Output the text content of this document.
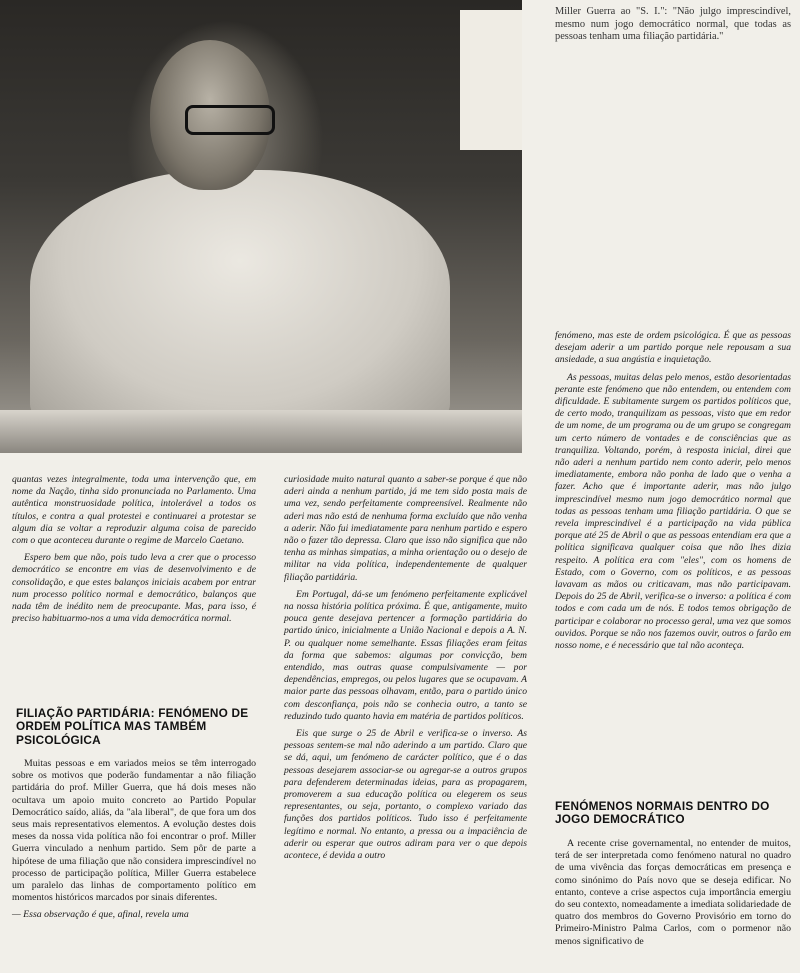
Miller Guerra ao "S. I.": "Não julgo imprescindível, mesmo num jogo democrático normal, que todas as pessoas tenham uma filiação partidária."

quantas vezes integralmente, toda uma intervenção que, em nome da Nação, tinha sido pronunciada no Parlamento. Uma autêntica monstruosidade política, intolerável a todos os títulos, e contra a qual protestei e continuarei a protestar se algum dia se voltar a reproduzir alguma coisa de parecido com o que aconteceu durante o regime de Marcelo Caetano.

Espero bem que não, pois tudo leva a crer que o processo democrático se encontre em vias de desenvolvimento e de consolidação, e que estes balanços iniciais acabem por entrar num processo político normal e democrático, balanços que nada têm de inédito nem de preocupante. Mas, para isso, é preciso habituarmo-nos a uma vida democrática normal.

FILIAÇÃO PARTIDÁRIA: FENÓMENO DE ORDEM POLÍTICA MAS TAMBÉM PSICOLÓGICA

Muitas pessoas e em variados meios se têm interrogado sobre os motivos que poderão fundamentar a não filiação partidária do prof. Miller Guerra, que há dois meses não ocultava um apoio muito concreto ao Partido Popular Democrático saído, aliás, da "ala liberal", de que fora um dos seus mais representativos elementos. A evolução destes dois meses da nossa vida política não foi encontrar o prof. Miller Guerra vinculado a nenhum partido. Sem pôr de parte a hipótese de uma filiação que não considera imprescindível no processo de participação política, Miller Guerra estabelece um paralelo das linhas de comportamento político em momentos históricos marcados por sinais diferentes.

— Essa observação é que, afinal, revela uma

curiosidade muito natural quanto a saber-se porque é que não aderi ainda a nenhum partido, já me tem sido posta mais de uma vez, sendo perfeitamente compreensível. Realmente não aderi mas não está de nenhuma forma excluído que não venha a aderir. Não fui imediatamente para nenhum partido e espero não o fazer tão depressa. Claro que isso não significa que não tenha as minhas simpatias, a minha orientação ou o desejo de militar na vida política, independentemente de qualquer filiação partidária.

Em Portugal, dá-se um fenómeno perfeitamente explicável na nossa história política próxima. É que, antigamente, muito pouca gente desejava pertencer a formação partidária do partido único, inicialmente a União Nacional e depois a A. N. P. ou qualquer nome semelhante. Essas filiações eram feitas da forma que sabemos: algumas por convicção, bem entendido, mas outras quase compulsivamente — por dependências, empregos, ou pelos lugares que se ocupavam. A maior parte das pessoas olhavam, então, para o partido único com desconfiança, pois não se conhecia outro, a tanto se reduzindo tudo quanto havia em matéria de partidos políticos.

Eis que surge o 25 de Abril e verifica-se o inverso. As pessoas sentem-se mal não aderindo a um partido. Claro que se dá, aqui, um fenómeno de carácter político, que é o das pessoas desejarem associar-se ou agregar-se a outros grupos para defenderem determinadas ideias, para as propagarem, promoverem a sua educação política ou elegerem os seus representantes, ou seja, portanto, o complexo variado das funções dos partidos políticos. Tudo isso é perfeitamente legítimo e normal. No entanto, a pressa ou a impaciência de aderir ou esperar que outros adiram para ver o que depois acontece, é devida a outro

fenómeno, mas este de ordem psicológica. É que as pessoas desejam aderir a um partido porque nele repousam a sua ansiedade, a sua angústia e inquietação.

As pessoas, muitas delas pelo menos, estão desorientadas perante este fenómeno que não entendem, ou entendem com dificuldade. E subitamente surgem os partidos políticos que, de certo modo, tranquilizam as pessoas, visto que em redor de um nome, de um programa ou de um grupo se congregam um certo número de vontades e de consciências que as tranquiliza. Voltando, porém, à resposta inicial, direi que não aderi a nenhum partido nem conto aderir, pelo menos imediatamente, embora não ponha de lado que o venha a fazer. Acho que é importante aderir, mas não julgo imprescindível mesmo num jogo democrático normal que todas as pessoas tenham uma filiação partidária. O que se revela imprescindível é a participação na vida pública porque até 25 de Abril o que as pessoas entendiam era que a política significava qualquer coisa que não lhes dizia respeito. A política era com "eles", com os homens de Estado, com o Governo, com os políticos, e as pessoas lavavam as mãos ou criticavam, mas não participavam. Depois do 25 de Abril, verifica-se o inverso: a política é com todos e com cada um de nós. E todos temos obrigação de participar e colaborar no processo geral, uma vez que somos ouvidos. Porque se não nos fazemos ouvir, outros o farão em nosso nome, e é necessário que tal não aconteça.

FENÓMENOS NORMAIS DENTRO DO JOGO DEMOCRÁTICO

A recente crise governamental, no entender de muitos, terá de ser interpretada como fenómeno natural no quadro de uma vivência das forças democráticas em presença e como sinónimo do País novo que se deseja edificar. No entanto, conteve a crise aspectos cuja importância emergiu do seu contexto, nomeadamente a imediata solidariedade de quatro dos membros do Governo Provisório em torno do Primeiro-Ministro Palma Carlos, com o pormenor não menos significativo de
